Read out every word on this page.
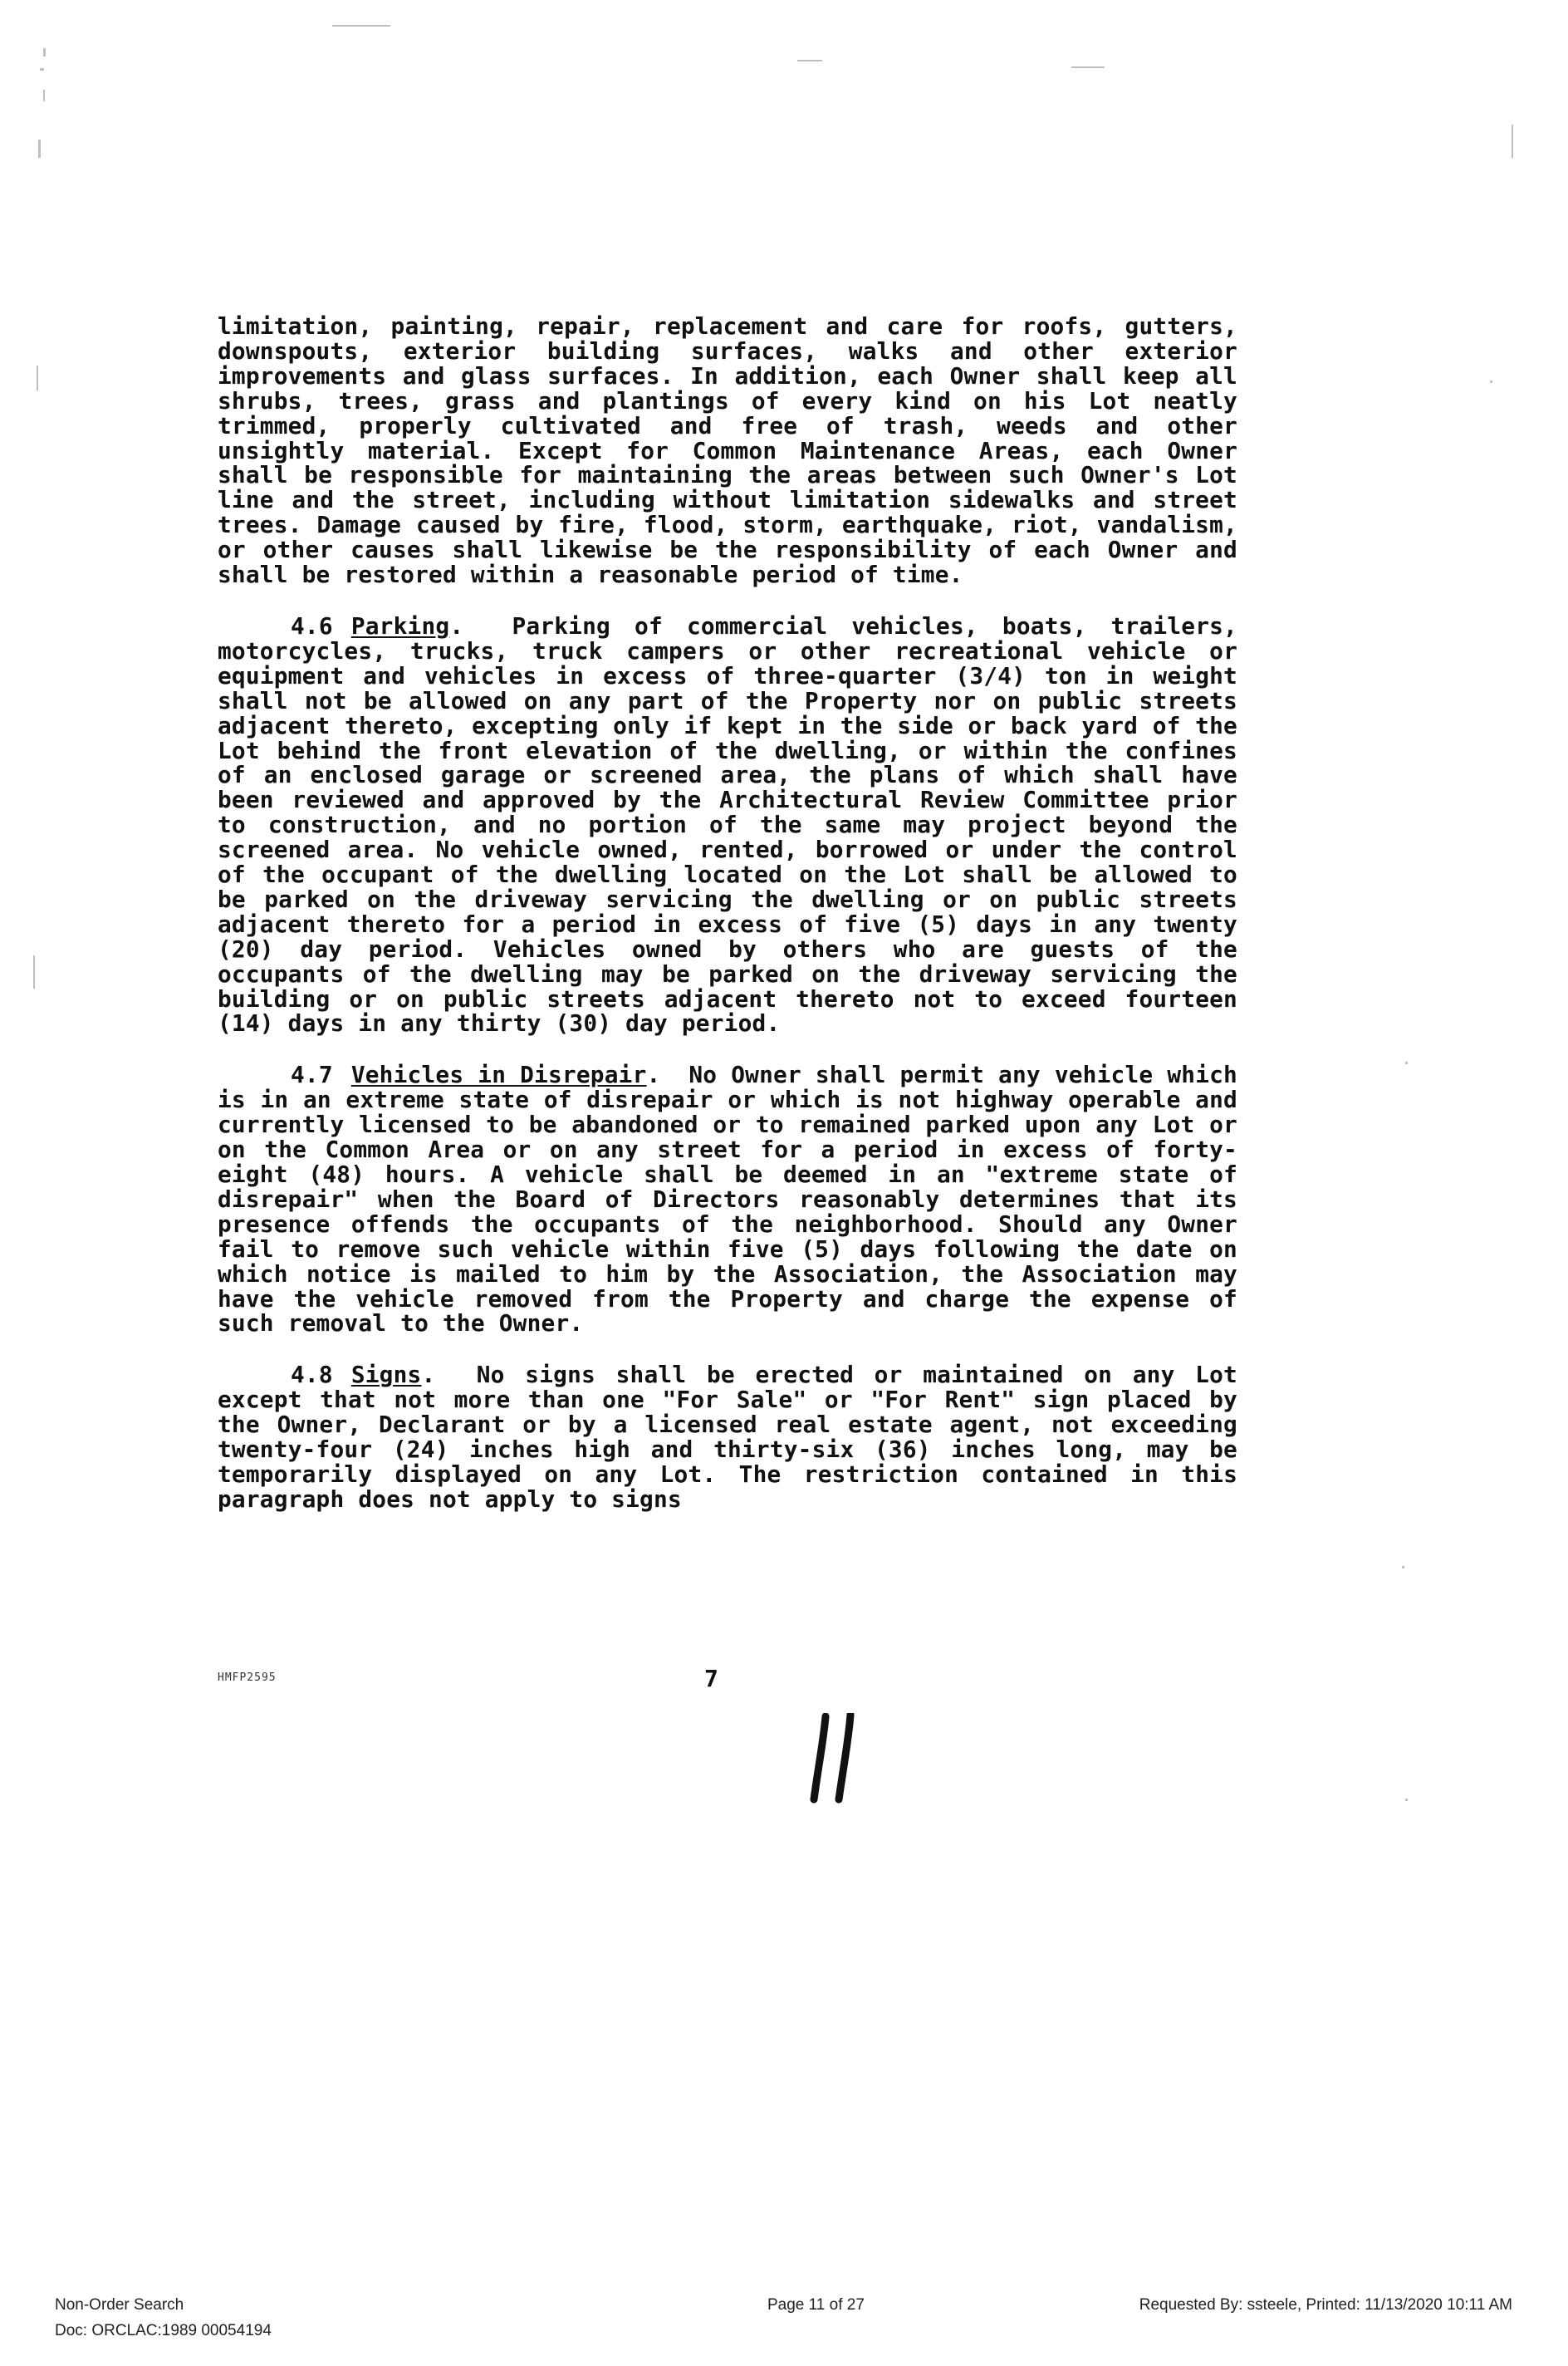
limitation, painting, repair, replacement and care for roofs, gutters, downspouts, exterior building surfaces, walks and other exterior improvements and glass surfaces. In addition, each Owner shall keep all shrubs, trees, grass and plantings of every kind on his Lot neatly trimmed, properly cultivated and free of trash, weeds and other unsightly material. Except for Common Maintenance Areas, each Owner shall be responsible for maintaining the areas between such Owner's Lot line and the street, including without limitation sidewalks and street trees. Damage caused by fire, flood, storm, earthquake, riot, vandalism, or other causes shall likewise be the responsibility of each Owner and shall be restored within a reasonable period of time.

4.6 Parking.  Parking of commercial vehicles, boats, trailers, motorcycles, trucks, truck campers or other recreational vehicle or equipment and vehicles in excess of three-quarter (3/4) ton in weight shall not be allowed on any part of the Property nor on public streets adjacent thereto, excepting only if kept in the side or back yard of the Lot behind the front elevation of the dwelling, or within the confines of an enclosed garage or screened area, the plans of which shall have been reviewed and approved by the Architectural Review Committee prior to construction, and no portion of the same may project beyond the screened area. No vehicle owned, rented, borrowed or under the control of the occupant of the dwelling located on the Lot shall be allowed to be parked on the driveway servicing the dwelling or on public streets adjacent thereto for a period in excess of five (5) days in any twenty (20) day period. Vehicles owned by others who are guests of the occupants of the dwelling may be parked on the driveway servicing the building or on public streets adjacent thereto not to exceed fourteen (14) days in any thirty (30) day period.

4.7 Vehicles in Disrepair.  No Owner shall permit any vehicle which is in an extreme state of disrepair or which is not highway operable and currently licensed to be abandoned or to remained parked upon any Lot or on the Common Area or on any street for a period in excess of forty-eight (48) hours. A vehicle shall be deemed in an "extreme state of disrepair" when the Board of Directors reasonably determines that its presence offends the occupants of the neighborhood. Should any Owner fail to remove such vehicle within five (5) days following the date on which notice is mailed to him by the Association, the Association may have the vehicle removed from the Property and charge the expense of such removal to the Owner.

4.8 Signs.  No signs shall be erected or maintained on any Lot except that not more than one "For Sale" or "For Rent" sign placed by the Owner, Declarant or by a licensed real estate agent, not exceeding twenty-four (24) inches high and thirty-six (36) inches long, may be temporarily displayed on any Lot. The restriction contained in this paragraph does not apply to signs

HMFP2595	7
Non-Order Search
Doc: ORCLAC:1989 00054194
Page 11 of 27	Requested By: ssteele, Printed: 11/13/2020 10:11 AM
